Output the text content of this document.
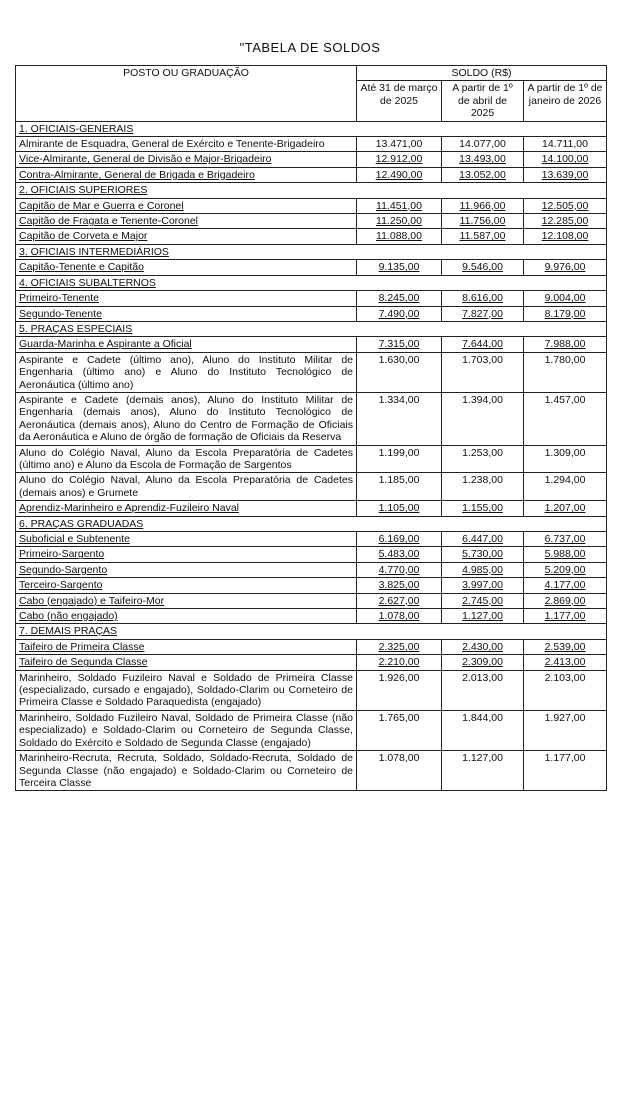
"TABELA DE SOLDOS
POSTO OU GRADUAÇÃO	SOLDO (R$)		
	Até 31 de março de 2025	A partir de 1º de abril de 2025	A partir de 1º de janeiro de 2026
1. OFICIAIS-GENERAIS			
Almirante de Esquadra, General de Exército e Tenente-Brigadeiro	13.471,00	14.077,00	14.711,00
Vice-Almirante, General de Divisão e Major-Brigadeiro	12.912,00	13.493,00	14.100,00
Contra-Almirante, General de Brigada e Brigadeiro	12.490,00	13.052,00	13.639,00
2. OFICIAIS SUPERIORES			
Capitão de Mar e Guerra e Coronel	11.451,00	11.966,00	12.505,00
Capitão de Fragata e Tenente-Coronel	11.250,00	11.756,00	12.285,00
Capitão de Corveta e Major	11.088,00	11.587,00	12.108,00
3. OFICIAIS INTERMEDIÁRIOS			
Capitão-Tenente e Capitão	9.135,00	9.546,00	9.976,00
4. OFICIAIS SUBALTERNOS			
Primeiro-Tenente	8.245,00	8.616,00	9.004,00
Segundo-Tenente	7.490,00	7.827,00	8.179,00
5. PRAÇAS ESPECIAIS			
Guarda-Marinha e Aspirante a Oficial	7.315,00	7.644,00	7.988,00
Aspirante e Cadete (último ano), Aluno do Instituto Militar de Engenharia (último ano) e Aluno do Instituto Tecnológico de Aeronáutica (último ano)	1.630,00	1.703,00	1.780,00
Aspirante e Cadete (demais anos), Aluno do Instituto Militar de Engenharia (demais anos), Aluno do Instituto Tecnológico de Aeronáutica (demais anos), Aluno do Centro de Formação de Oficiais da Aeronáutica e Aluno de órgão de formação de Oficiais da Reserva	1.334,00	1.394,00	1.457,00
Aluno do Colégio Naval, Aluno da Escola Preparatória de Cadetes (último ano) e Aluno da Escola de Formação de Sargentos	1.199,00	1.253,00	1.309,00
Aluno do Colégio Naval, Aluno da Escola Preparatória de Cadetes (demais anos) e Grumete	1.185,00	1.238,00	1.294,00
Aprendiz-Marinheiro e Aprendiz-Fuzileiro Naval	1.105,00	1.155,00	1.207,00
6. PRAÇAS GRADUADAS			
Suboficial e Subtenente	6.169,00	6.447,00	6.737,00
Primeiro-Sargento	5.483,00	5.730,00	5.988,00
Segundo-Sargento	4.770,00	4.985,00	5.209,00
Terceiro-Sargento	3.825,00	3.997,00	4.177,00
Cabo (engajado) e Taifeiro-Mor	2.627,00	2.745,00	2.869,00
Cabo (não engajado)	1.078,00	1.127,00	1.177,00
7. DEMAIS PRAÇAS			
Taifeiro de Primeira Classe	2.325,00	2.430,00	2.539,00
Taifeiro de Segunda Classe	2.210,00	2.309,00	2.413,00
Marinheiro, Soldado Fuzileiro Naval e Soldado de Primeira Classe (especializado, cursado e engajado), Soldado-Clarim ou Corneteiro de Primeira Classe e Soldado Paraquedista (engajado)	1.926,00	2.013,00	2.103,00
Marinheiro, Soldado Fuzileiro Naval, Soldado de Primeira Classe (não especializado) e Soldado-Clarim ou Corneteiro de Segunda Classe, Soldado do Exército e Soldado de Segunda Classe (engajado)	1.765,00	1.844,00	1.927,00
Marinheiro-Recruta, Recruta, Soldado, Soldado-Recruta, Soldado de Segunda Classe (não engajado) e Soldado-Clarim ou Corneteiro de Terceira Classe	1.078,00	1.127,00	1.177,00
